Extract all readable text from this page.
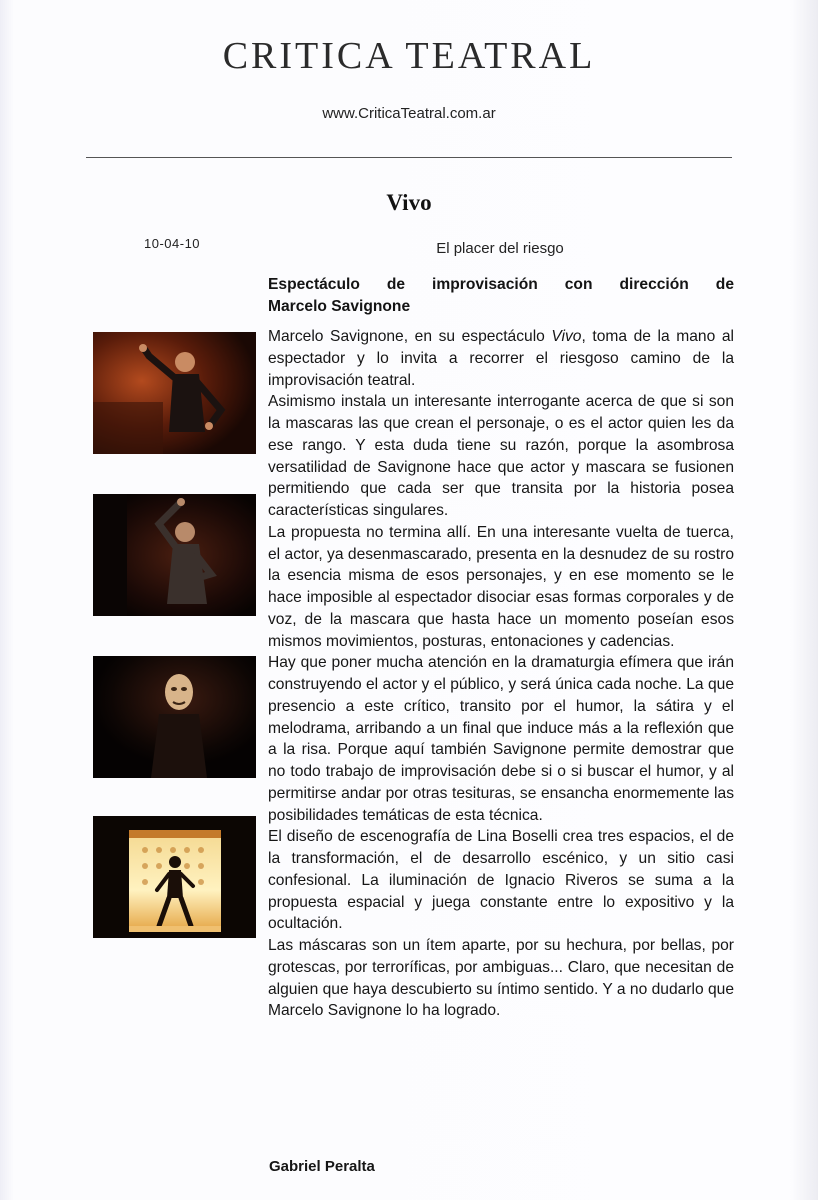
CRITICA TEATRAL
www.CriticaTeatral.com.ar
Vivo
10-04-10	El placer del riesgo
Espectáculo de improvisación con dirección de
Marcelo Savignone

Marcelo Savignone, en su espectáculo Vivo, toma de la mano al espectador y lo invita a recorrer el riesgoso camino de la improvisación teatral.

Asimismo instala un interesante interrogante acerca de que si son la mascaras las que crean el personaje, o es el actor quien les da ese rango. Y esta duda tiene su razón, porque la asombrosa versatilidad de Savignone hace que actor y mascara se fusionen permitiendo que cada ser que transita por la historia posea características singulares.

La propuesta no termina allí. En una interesante vuelta de tuerca, el actor, ya desenmascarado, presenta en la desnudez de su rostro la esencia misma de esos personajes, y en ese momento se le hace imposible al espectador disociar esas formas corporales y de voz, de la mascara que hasta hace un momento poseían esos mismos movimientos, posturas, entonaciones y cadencias.

Hay que poner mucha atención en la dramaturgia efímera que irán construyendo el actor y el público, y será única cada noche. La que presencio a este crítico, transito por el humor, la sátira y el melodrama, arribando a un final que induce más a la reflexión que a la risa. Porque aquí también Savignone permite demostrar que no todo trabajo de improvisación debe si o si buscar el humor, y al permitirse andar por otras tesituras, se ensancha enormemente las posibilidades temáticas de esta técnica.

El diseño de escenografía de Lina Boselli crea tres espacios, el de la transformación, el de desarrollo escénico, y un sitio casi confesional. La iluminación de Ignacio Riveros se suma a la propuesta espacial y juega constante entre lo expositivo y la ocultación.

Las máscaras son un ítem aparte, por su hechura, por bellas, por grotescas, por terroríficas, por ambiguas... Claro, que necesitan de alguien que haya descubierto su íntimo sentido. Y a no dudarlo que Marcelo Savignone lo ha logrado.

Gabriel Peralta
